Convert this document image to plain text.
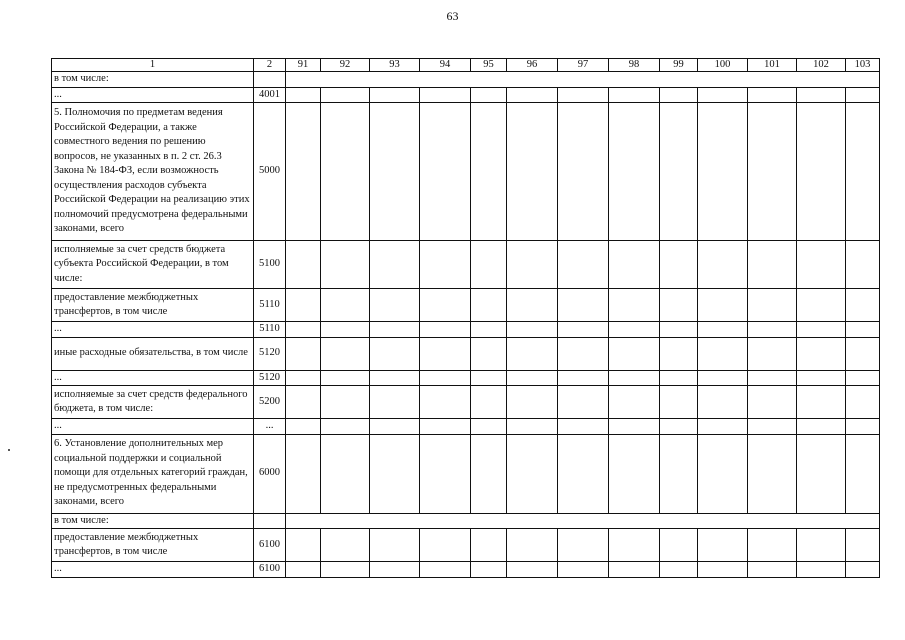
63
1	2	91	92	93	94	95	96	97	98	99	100	101	102	103
в том числе:														
...	4001													
5. Полномочия по предметам ведения Российской Федерации, а также совместного ведения по решению вопросов, не указанных в п. 2 ст. 26.3 Закона № 184-ФЗ, если возможность осуществления расходов субъекта Российской Федерации на реализацию этих полномочий предусмотрена федеральными законами, всего	5000													
исполняемые за счет средств бюджета субъекта Российской Федерации, в том числе:	5100													
предоставление межбюджетных трансфертов, в том числе	5110													
...	5110													
иные расходные обязательства, в том числе	5120													
...	5120													
исполняемые за счет средств федерального бюджета, в том числе:	5200													
...	...													
6. Установление дополнительных мер социальной поддержки и социальной помощи для отдельных категорий граждан, не предусмотренных федеральными законами, всего	6000													
в том числе:														
предоставление межбюджетных трансфертов, в том числе	6100													
...	6100													
